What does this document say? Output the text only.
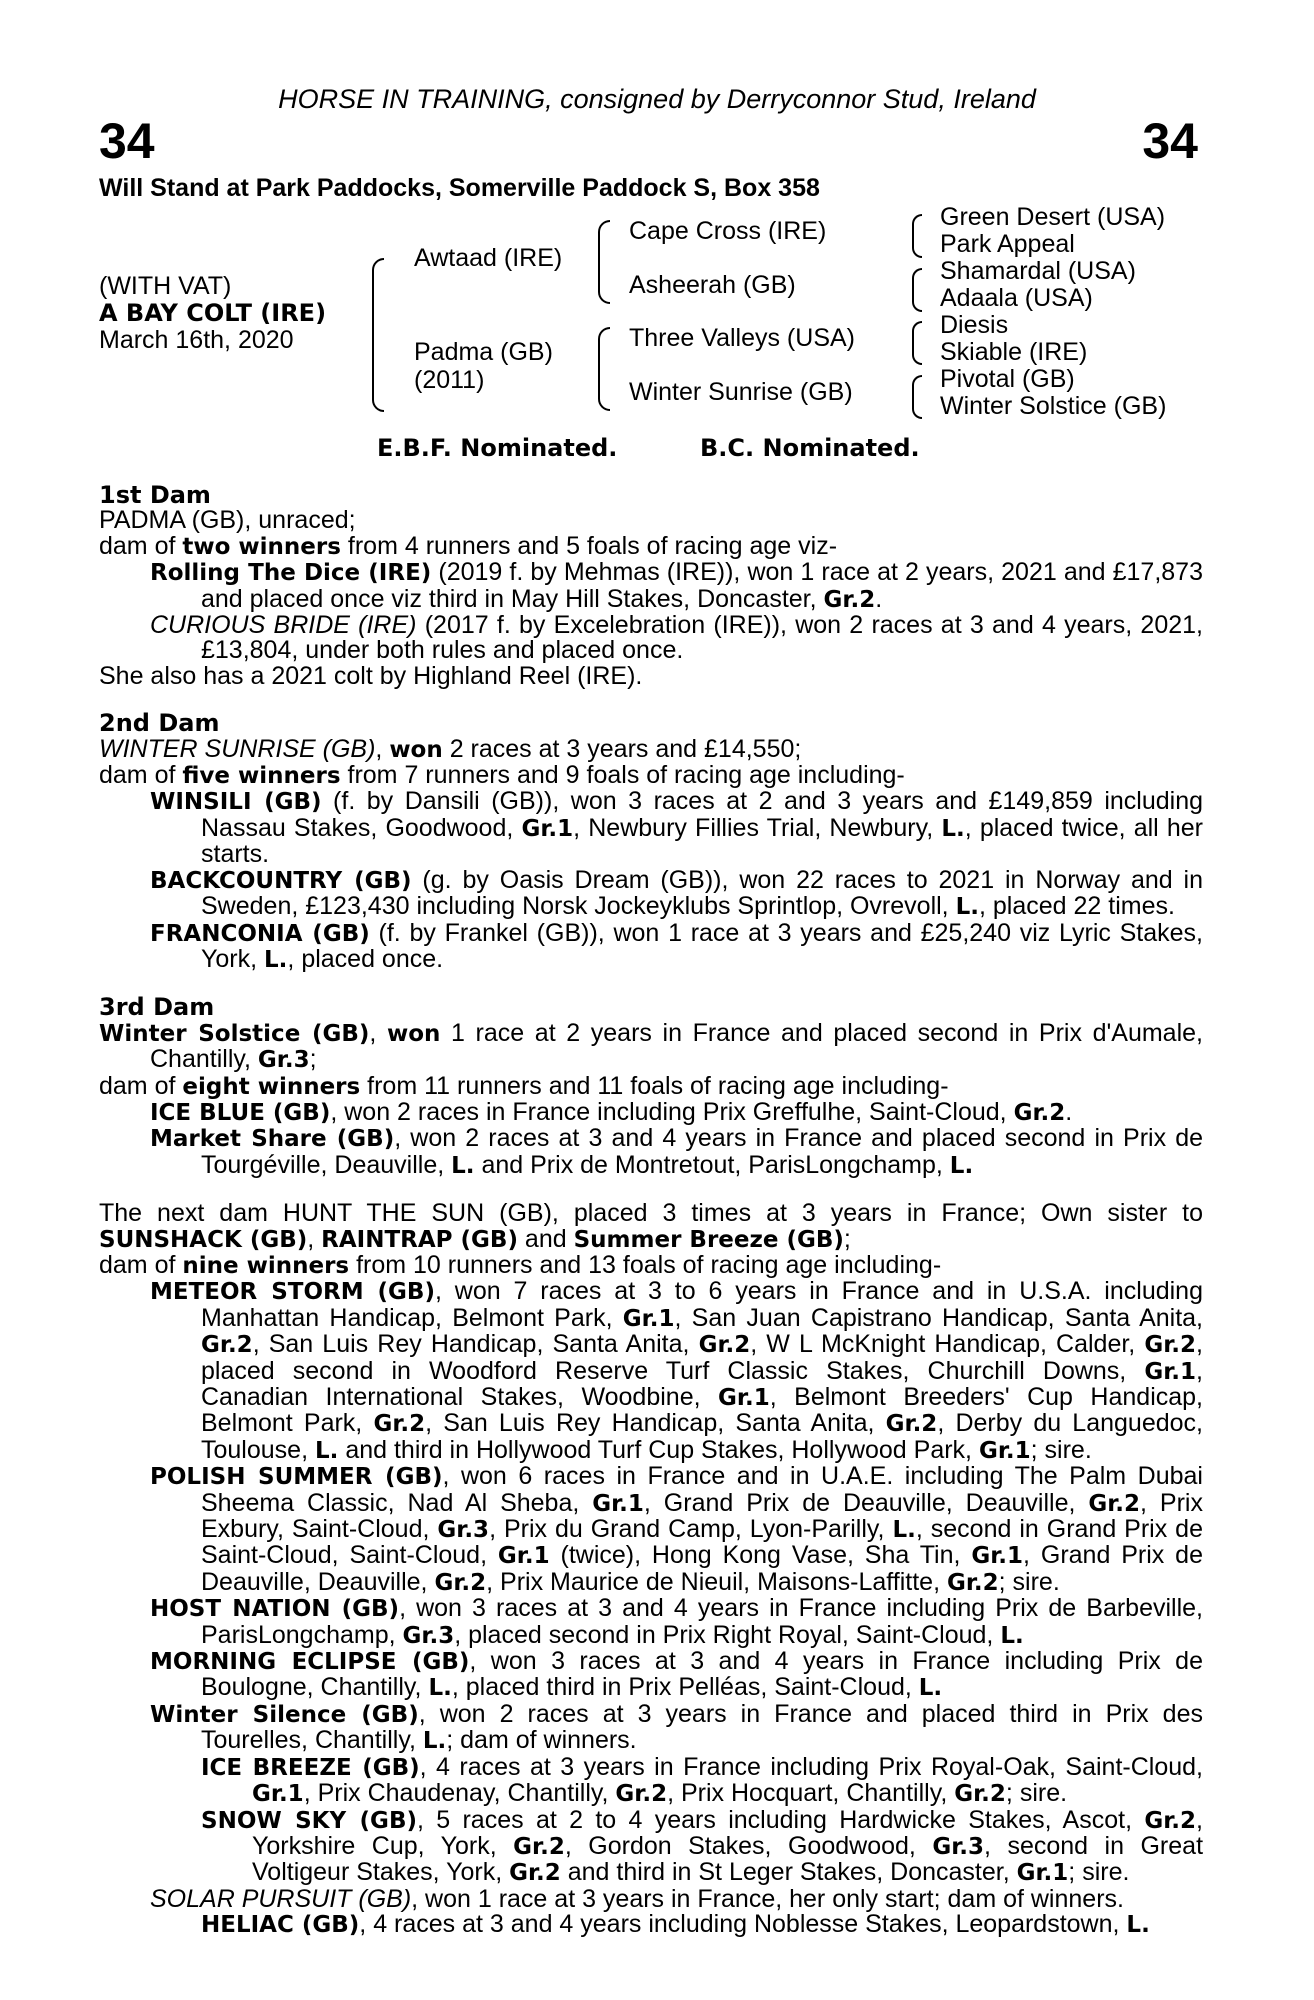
HORSE IN TRAINING, consigned by Derryconnor Stud, Ireland
34	34
Will Stand at Park Paddocks, Somerville Paddock S, Box 358
(WITH VAT)
A BAY COLT (IRE)
March 16th, 2020
Awtaad (IRE)
Padma (GB)
(2011)
Cape Cross (IRE)
Asheerah (GB)
Three Valleys (USA)
Winter Sunrise (GB)
Green Desert (USA)
Park Appeal
Shamardal (USA)
Adaala (USA)
Diesis
Skiable (IRE)
Pivotal (GB)
Winter Solstice (GB)
E.B.F. Nominated.	B.C. Nominated.
1st Dam
PADMA (GB), unraced;
dam of two winners from 4 runners and 5 foals of racing age viz-
Rolling The Dice (IRE) (2019 f. by Mehmas (IRE)), won 1 race at 2 years, 2021 and £17,873 and placed once viz third in May Hill Stakes, Doncaster, Gr.2.
CURIOUS BRIDE (IRE) (2017 f. by Excelebration (IRE)), won 2 races at 3 and 4 years, 2021, £13,804, under both rules and placed once.
She also has a 2021 colt by Highland Reel (IRE).
2nd Dam
WINTER SUNRISE (GB), won 2 races at 3 years and £14,550;
dam of five winners from 7 runners and 9 foals of racing age including-
WINSILI (GB) (f. by Dansili (GB)), won 3 races at 2 and 3 years and £149,859 including Nassau Stakes, Goodwood, Gr.1, Newbury Fillies Trial, Newbury, L., placed twice, all her starts.
BACKCOUNTRY (GB) (g. by Oasis Dream (GB)), won 22 races to 2021 in Norway and in Sweden, £123,430 including Norsk Jockeyklubs Sprintlop, Ovrevoll, L., placed 22 times.
FRANCONIA (GB) (f. by Frankel (GB)), won 1 race at 3 years and £25,240 viz Lyric Stakes, York, L., placed once.
3rd Dam
Winter Solstice (GB), won 1 race at 2 years in France and placed second in Prix d'Aumale, Chantilly, Gr.3;
dam of eight winners from 11 runners and 11 foals of racing age including-
ICE BLUE (GB), won 2 races in France including Prix Greffulhe, Saint-Cloud, Gr.2.
Market Share (GB), won 2 races at 3 and 4 years in France and placed second in Prix de Tourgéville, Deauville, L. and Prix de Montretout, ParisLongchamp, L.
The next dam HUNT THE SUN (GB), placed 3 times at 3 years in France; Own sister to SUNSHACK (GB), RAINTRAP (GB) and Summer Breeze (GB);
dam of nine winners from 10 runners and 13 foals of racing age including-
METEOR STORM (GB), won 7 races at 3 to 6 years in France and in U.S.A. including Manhattan Handicap, Belmont Park, Gr.1, San Juan Capistrano Handicap, Santa Anita, Gr.2, San Luis Rey Handicap, Santa Anita, Gr.2, W L McKnight Handicap, Calder, Gr.2, placed second in Woodford Reserve Turf Classic Stakes, Churchill Downs, Gr.1, Canadian International Stakes, Woodbine, Gr.1, Belmont Breeders' Cup Handicap, Belmont Park, Gr.2, San Luis Rey Handicap, Santa Anita, Gr.2, Derby du Languedoc, Toulouse, L. and third in Hollywood Turf Cup Stakes, Hollywood Park, Gr.1; sire.
POLISH SUMMER (GB), won 6 races in France and in U.A.E. including The Palm Dubai Sheema Classic, Nad Al Sheba, Gr.1, Grand Prix de Deauville, Deauville, Gr.2, Prix Exbury, Saint-Cloud, Gr.3, Prix du Grand Camp, Lyon-Parilly, L., second in Grand Prix de Saint-Cloud, Saint-Cloud, Gr.1 (twice), Hong Kong Vase, Sha Tin, Gr.1, Grand Prix de Deauville, Deauville, Gr.2, Prix Maurice de Nieuil, Maisons-Laffitte, Gr.2; sire.
HOST NATION (GB), won 3 races at 3 and 4 years in France including Prix de Barbeville, ParisLongchamp, Gr.3, placed second in Prix Right Royal, Saint-Cloud, L.
MORNING ECLIPSE (GB), won 3 races at 3 and 4 years in France including Prix de Boulogne, Chantilly, L., placed third in Prix Pelléas, Saint-Cloud, L.
Winter Silence (GB), won 2 races at 3 years in France and placed third in Prix des Tourelles, Chantilly, L.; dam of winners.
ICE BREEZE (GB), 4 races at 3 years in France including Prix Royal-Oak, Saint-Cloud, Gr.1, Prix Chaudenay, Chantilly, Gr.2, Prix Hocquart, Chantilly, Gr.2; sire.
SNOW SKY (GB), 5 races at 2 to 4 years including Hardwicke Stakes, Ascot, Gr.2, Yorkshire Cup, York, Gr.2, Gordon Stakes, Goodwood, Gr.3, second in Great Voltigeur Stakes, York, Gr.2 and third in St Leger Stakes, Doncaster, Gr.1; sire.
SOLAR PURSUIT (GB), won 1 race at 3 years in France, her only start; dam of winners.
HELIAC (GB), 4 races at 3 and 4 years including Noblesse Stakes, Leopardstown, L.
